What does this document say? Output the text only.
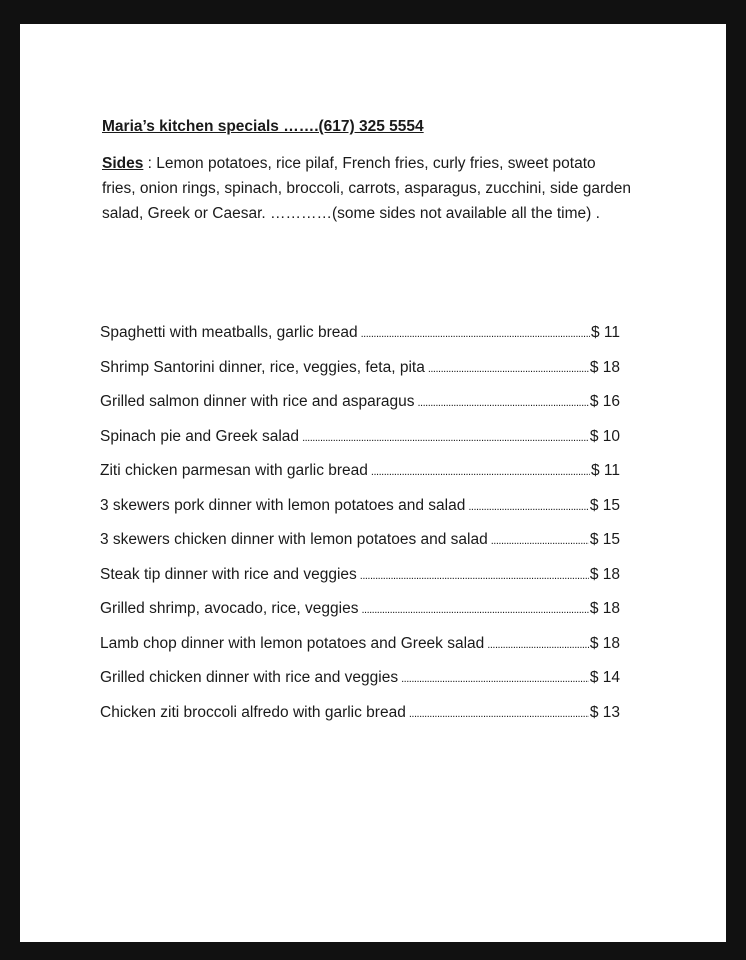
Maria’s kitchen specials …….(617) 325 5554
Sides : Lemon potatoes, rice pilaf, French fries, curly fries, sweet potato fries, onion rings, spinach, broccoli, carrots, asparagus, zucchini, side garden salad, Greek or Caesar. …………(some sides not available all the time) .
Spaghetti with meatballs, garlic bread .....	$ 11
Shrimp Santorini dinner, rice, veggies, feta, pita .....	$ 18
Grilled salmon dinner with rice and asparagus .....	$ 16
Spinach pie and Greek salad .....	$ 10
Ziti chicken parmesan with garlic bread .....	$ 11
3 skewers pork dinner with lemon potatoes and salad .....	$ 15
3 skewers chicken dinner with lemon potatoes and salad .....	$ 15
Steak tip dinner with rice and veggies .....	$ 18
Grilled shrimp, avocado, rice, veggies .....	$ 18
Lamb chop dinner with lemon potatoes and Greek salad .....	$ 18
Grilled chicken dinner with rice and veggies .....	$ 14
Chicken ziti broccoli alfredo with garlic bread .....	$ 13
